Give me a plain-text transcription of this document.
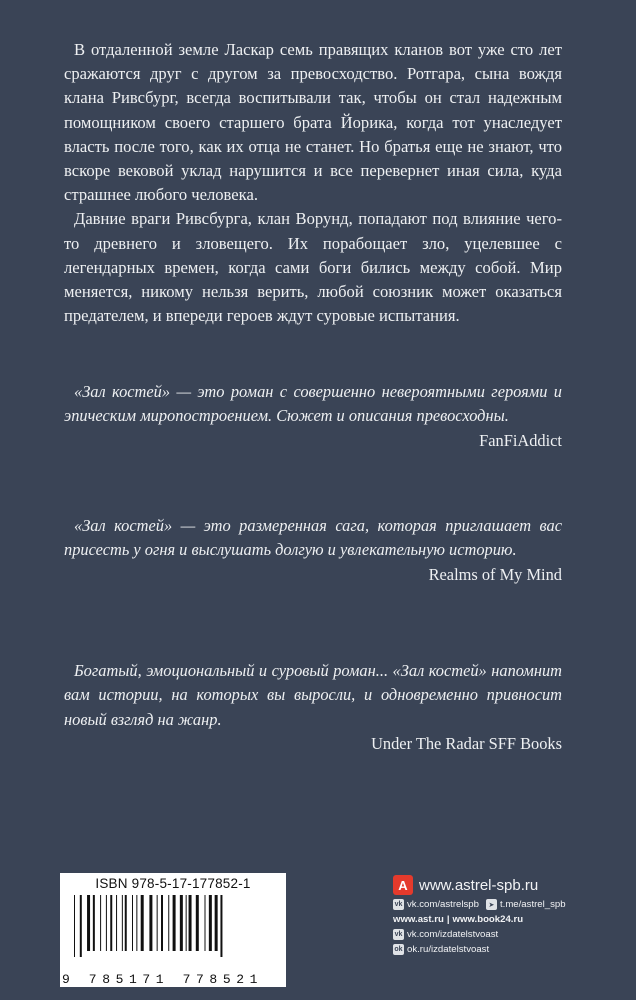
В отдаленной земле Ласкар семь правящих кланов вот уже сто лет сражаются друг с другом за превосходство. Ротгара, сына вождя клана Ривсбург, всегда воспитывали так, чтобы он стал надежным помощником своего старшего брата Йорика, когда тот унаследует власть после того, как их отца не станет. Но братья еще не знают, что вскоре вековой уклад нарушится и все перевернет иная сила, куда страшнее любого человека.

Давние враги Ривсбурга, клан Ворунд, попадают под влияние чего-то древнего и зловещего. Их порабощает зло, уцелевшее с легендарных времен, когда сами боги бились между собой. Мир меняется, никому нельзя верить, любой союзник может оказаться предателем, и впереди героев ждут суровые испытания.

«Зал костей» — это роман с совершенно невероятными героями и эпическим миропостроением. Сюжет и описания превосходны.

FanFiAddict

«Зал костей» — это размеренная сага, которая приглашает вас присесть у огня и выслушать долгую и увлекательную историю.

Realms of My Mind

Богатый, эмоциональный и суровый роман... «Зал костей» напомнит вам истории, на которых вы выросли, и одновременно привносит новый взгляд на жанр.

Under The Radar SFF Books
ISBN 978-5-17-177852-1
9 785171 778521
A www.astrel-spb.ru
vk vk.com/astrelspb	➤ t.me/astrel_spb
www.ast.ru | www.book24.ru
vk vk.com/izdatelstvoast
ok ok.ru/izdatelstvoast
